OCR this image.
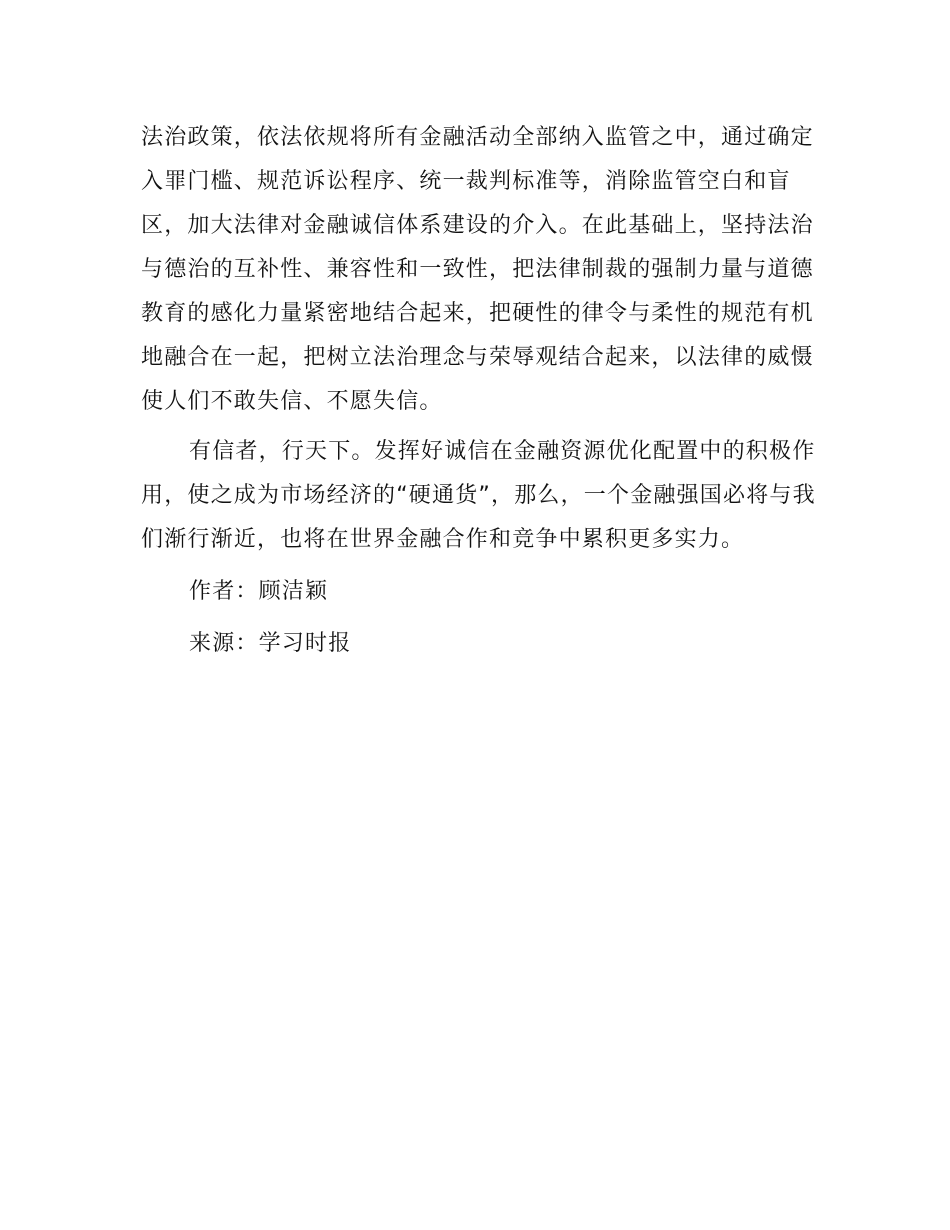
法治政策，依法依规将所有金融活动全部纳入监管之中，通过确定入罪门槛、规范诉讼程序、统一裁判标准等，消除监管空白和盲区，加大法律对金融诚信体系建设的介入。在此基础上，坚持法治与德治的互补性、兼容性和一致性，把法律制裁的强制力量与道德教育的感化力量紧密地结合起来，把硬性的律令与柔性的规范有机地融合在一起，把树立法治理念与荣辱观结合起来，以法律的威慑使人们不敢失信、不愿失信。

有信者，行天下。发挥好诚信在金融资源优化配置中的积极作用，使之成为市场经济的“硬通货”，那么，一个金融强国必将与我们渐行渐近，也将在世界金融合作和竞争中累积更多实力。

作者：顾洁颖

来源：学习时报
